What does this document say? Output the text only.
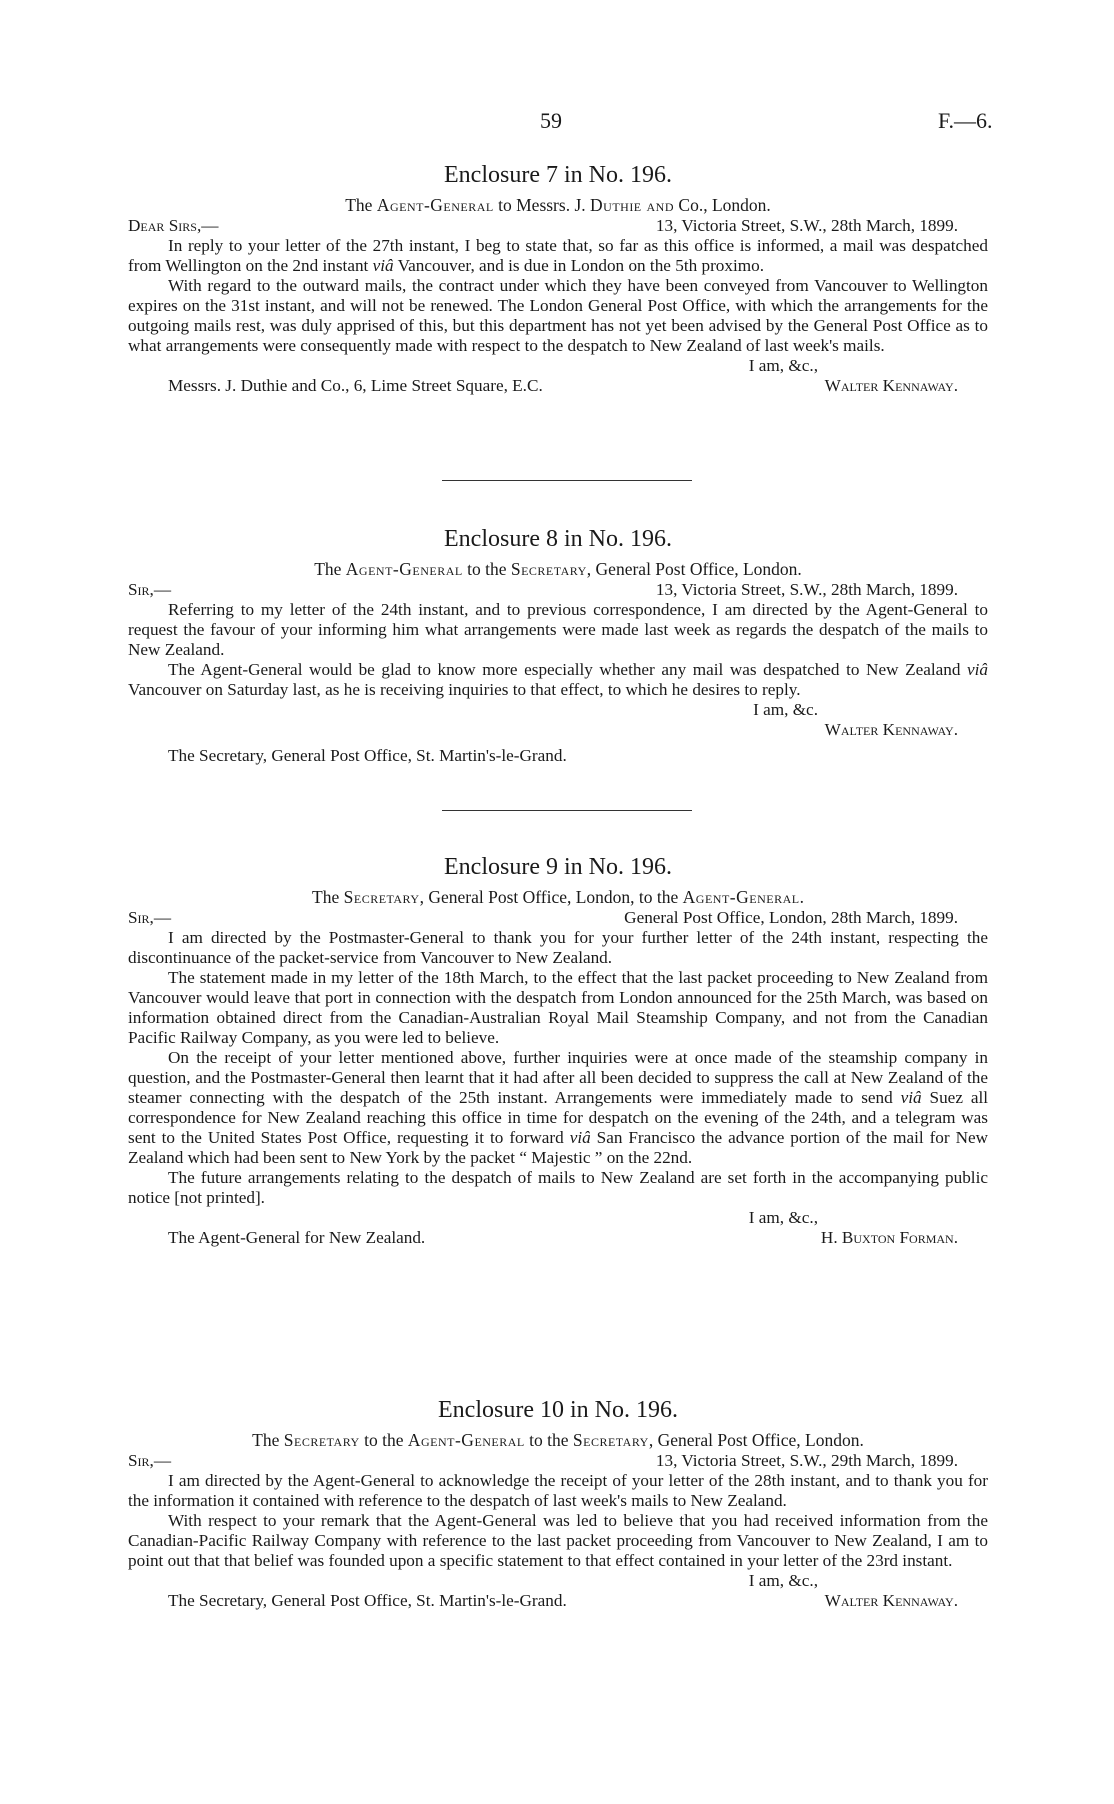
59	F.—6.
Enclosure 7 in No. 196.
The Agent-General to Messrs. J. Duthie and Co., London.
Dear Sirs,—	13, Victoria Street, S.W., 28th March, 1899.

In reply to your letter of the 27th instant, I beg to state that, so far as this office is informed, a mail was despatched from Wellington on the 2nd instant viâ Vancouver, and is due in London on the 5th proximo.

With regard to the outward mails, the contract under which they have been conveyed from Vancouver to Wellington expires on the 31st instant, and will not be renewed. The London General Post Office, with which the arrangements for the outgoing mails rest, was duly apprised of this, but this department has not yet been advised by the General Post Office as to what arrangements were consequently made with respect to the despatch to New Zealand of last week's mails.

I am, &c.,
Messrs. J. Duthie and Co., 6, Lime Street Square, E.C.	Walter Kennaway.
Enclosure 8 in No. 196.
The Agent-General to the Secretary, General Post Office, London.
Sir,—	13, Victoria Street, S.W., 28th March, 1899.

Referring to my letter of the 24th instant, and to previous correspondence, I am directed by the Agent-General to request the favour of your informing him what arrangements were made last week as regards the despatch of the mails to New Zealand.

The Agent-General would be glad to know more especially whether any mail was despatched to New Zealand viâ Vancouver on Saturday last, as he is receiving inquiries to that effect, to which he desires to reply.

I am, &c.
Walter Kennaway.
The Secretary, General Post Office, St. Martin's-le-Grand.
Enclosure 9 in No. 196.
The Secretary, General Post Office, London, to the Agent-General.
Sir,—	General Post Office, London, 28th March, 1899.

I am directed by the Postmaster-General to thank you for your further letter of the 24th instant, respecting the discontinuance of the packet-service from Vancouver to New Zealand.

The statement made in my letter of the 18th March, to the effect that the last packet proceeding to New Zealand from Vancouver would leave that port in connection with the despatch from London announced for the 25th March, was based on information obtained direct from the Canadian-Australian Royal Mail Steamship Company, and not from the Canadian Pacific Railway Company, as you were led to believe.

On the receipt of your letter mentioned above, further inquiries were at once made of the steamship company in question, and the Postmaster-General then learnt that it had after all been decided to suppress the call at New Zealand of the steamer connecting with the despatch of the 25th instant. Arrangements were immediately made to send viâ Suez all correspondence for New Zealand reaching this office in time for despatch on the evening of the 24th, and a telegram was sent to the United States Post Office, requesting it to forward viâ San Francisco the advance portion of the mail for New Zealand which had been sent to New York by the packet “ Majestic ” on the 22nd.

The future arrangements relating to the despatch of mails to New Zealand are set forth in the accompanying public notice [not printed].

I am, &c.,
The Agent-General for New Zealand.	H. Buxton Forman.
Enclosure 10 in No. 196.
The Secretary to the Agent-General to the Secretary, General Post Office, London.
Sir,—	13, Victoria Street, S.W., 29th March, 1899.

I am directed by the Agent-General to acknowledge the receipt of your letter of the 28th instant, and to thank you for the information it contained with reference to the despatch of last week's mails to New Zealand.

With respect to your remark that the Agent-General was led to believe that you had received information from the Canadian-Pacific Railway Company with reference to the last packet proceeding from Vancouver to New Zealand, I am to point out that that belief was founded upon a specific statement to that effect contained in your letter of the 23rd instant.

I am, &c.,
The Secretary, General Post Office, St. Martin's-le-Grand.	Walter Kennaway.
